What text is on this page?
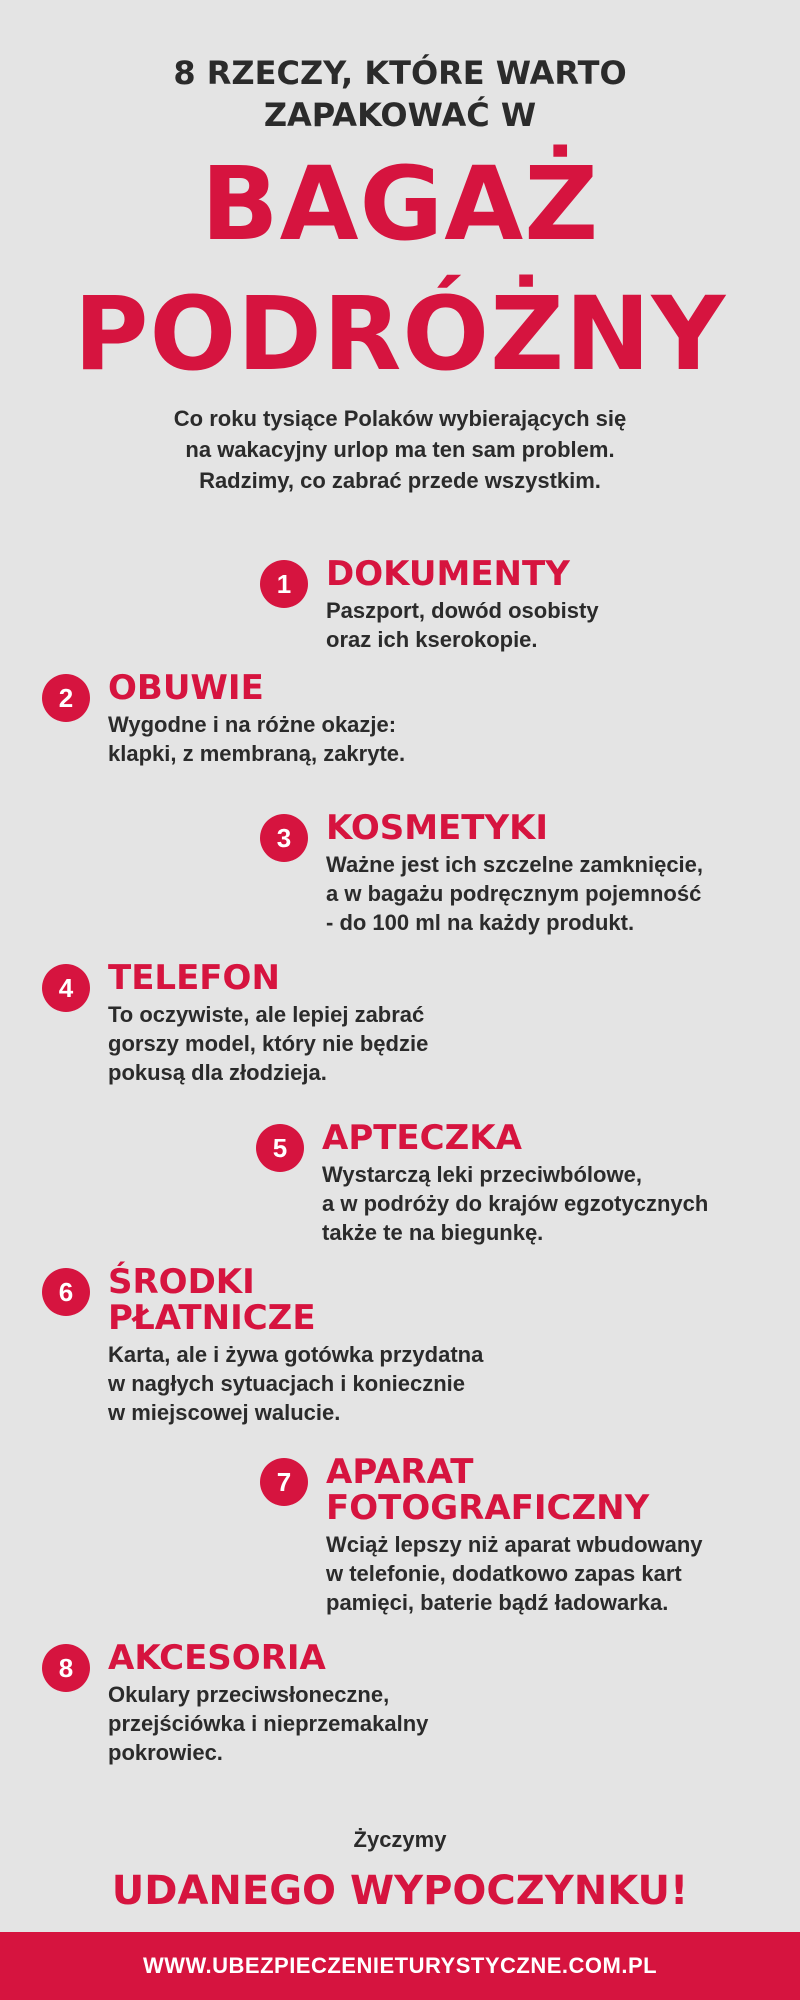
8 RZECZY, KTÓRE WARTO
ZAPAKOWAĆ W
BAGAŻ
PODRÓŻNY
Co roku tysiące Polaków wybierających się
na wakacyjny urlop ma ten sam problem.
Radzimy, co zabrać przede wszystkim.
1	DOKUMENTY
Paszport, dowód osobisty
oraz ich kserokopie.
2	OBUWIE
Wygodne i na różne okazje:
klapki, z membraną, zakryte.
3	KOSMETYKI
Ważne jest ich szczelne zamknięcie,
a w bagażu podręcznym pojemność
- do 100 ml na każdy produkt.
4	TELEFON
To oczywiste, ale lepiej zabrać
gorszy model, który nie będzie
pokusą dla złodzieja.
5	APTECZKA
Wystarczą leki przeciwbólowe,
a w podróży do krajów egzotycznych
także te na biegunkę.
6	ŚRODKI
PŁATNICZE
Karta, ale i żywa gotówka przydatna
w nagłych sytuacjach i koniecznie
w miejscowej walucie.
7	APARAT
FOTOGRAFICZNY
Wciąż lepszy niż aparat wbudowany
w telefonie, dodatkowo zapas kart
pamięci, baterie bądź ładowarka.
8	AKCESORIA
Okulary przeciwsłoneczne,
przejściówka i nieprzemakalny
pokrowiec.
Życzymy
UDANEGO WYPOCZYNKU!
WWW.UBEZPIECZENIETURYSTYCZNE.COM.PL
